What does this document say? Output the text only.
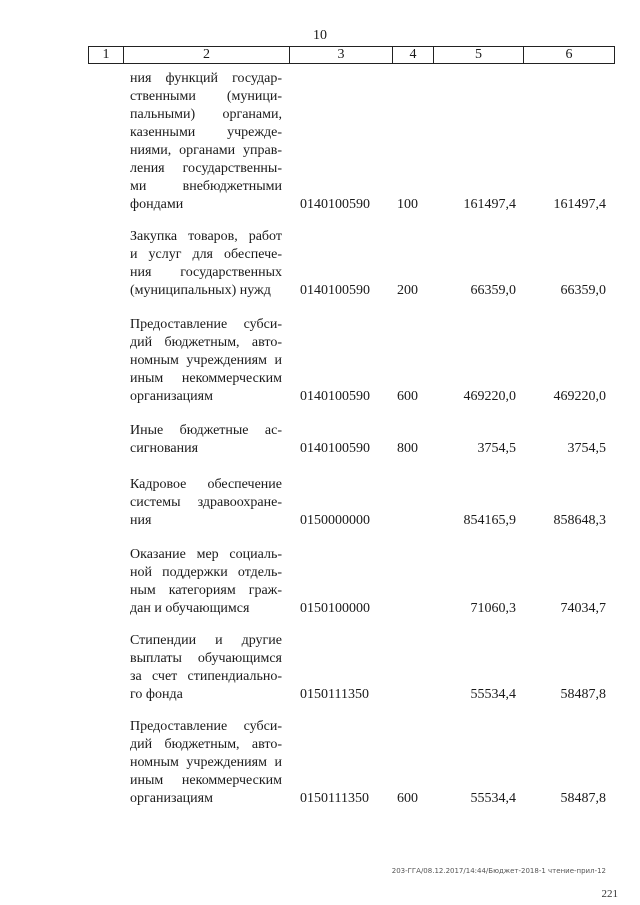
10
1	2	3	4	5	6
ния функций государ-
ственными (муници-
пальными) органами,
казенными учрежде-
ниями, органами управ-
ления государственны-
ми внебюджетными
фондами	0140100590 100	161497,4	161497,4
Закупка товаров, работ
и услуг для обеспече-
ния государственных
(муниципальных) нужд	0140100590 200	66359,0	66359,0
Предоставление субси-
дий бюджетным, авто-
номным учреждениям и
иным некоммерческим
организациям	0140100590 600	469220,0	469220,0
Иные бюджетные ас-
сигнования	0140100590 800	3754,5	3754,5
Кадровое обеспечение
системы здравоохране-
ния	0150000000	854165,9	858648,3
Оказание мер социаль-
ной поддержки отдель-
ным категориям граж-
дан и обучающимся	0150100000	71060,3	74034,7
Стипендии и другие
выплаты обучающимся
за счет стипендиально-
го фонда	0150111350	55534,4	58487,8
Предоставление субси-
дий бюджетным, авто-
номным учреждениям и
иным некоммерческим
организациям	0150111350 600	55534,4	58487,8
203-ГГА/08.12.2017/14:44/Бюджет-2018-1 чтение-прил-12
221
